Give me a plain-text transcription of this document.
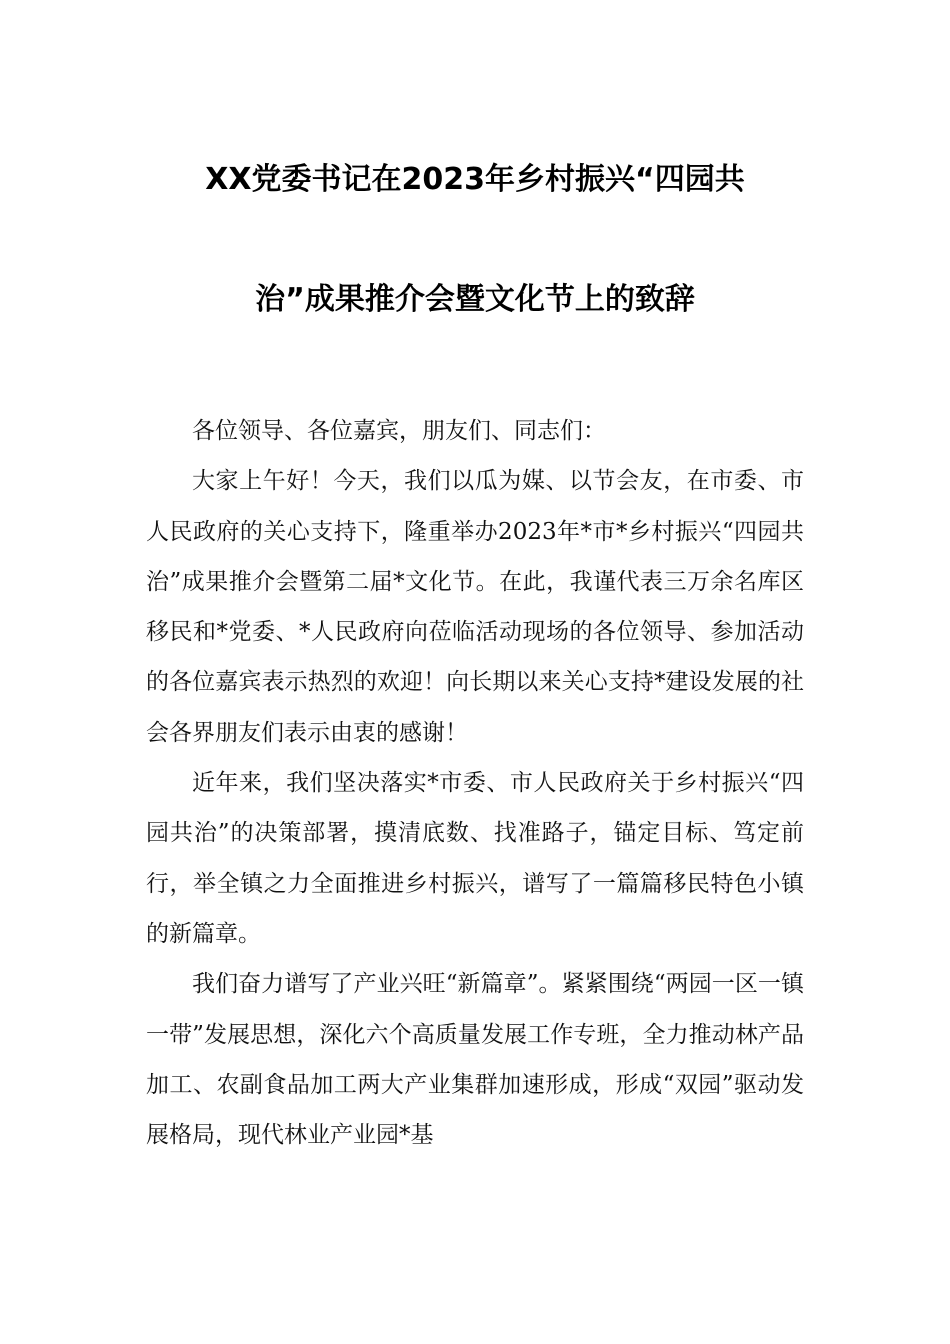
XX党委书记在2023年乡村振兴“四园共
治”成果推介会暨文化节上的致辞

各位领导、各位嘉宾，朋友们、同志们：

大家上午好！今天，我们以瓜为媒、以节会友，在市委、市人民政府的关心支持下，隆重举办2023年*市*乡村振兴“四园共治”成果推介会暨第二届*文化节。在此，我谨代表三万余名库区移民和*党委、*人民政府向莅临活动现场的各位领导、参加活动的各位嘉宾表示热烈的欢迎！向长期以来关心支持*建设发展的社会各界朋友们表示由衷的感谢！

近年来，我们坚决落实*市委、市人民政府关于乡村振兴“四园共治”的决策部署，摸清底数、找准路子，锚定目标、笃定前行，举全镇之力全面推进乡村振兴，谱写了一篇篇移民特色小镇的新篇章。

我们奋力谱写了产业兴旺“新篇章”。紧紧围绕“两园一区一镇一带”发展思想，深化六个高质量发展工作专班，全力推动林产品加工、农副食品加工两大产业集群加速形成，形成“双园”驱动发展格局，现代林业产业园*基
